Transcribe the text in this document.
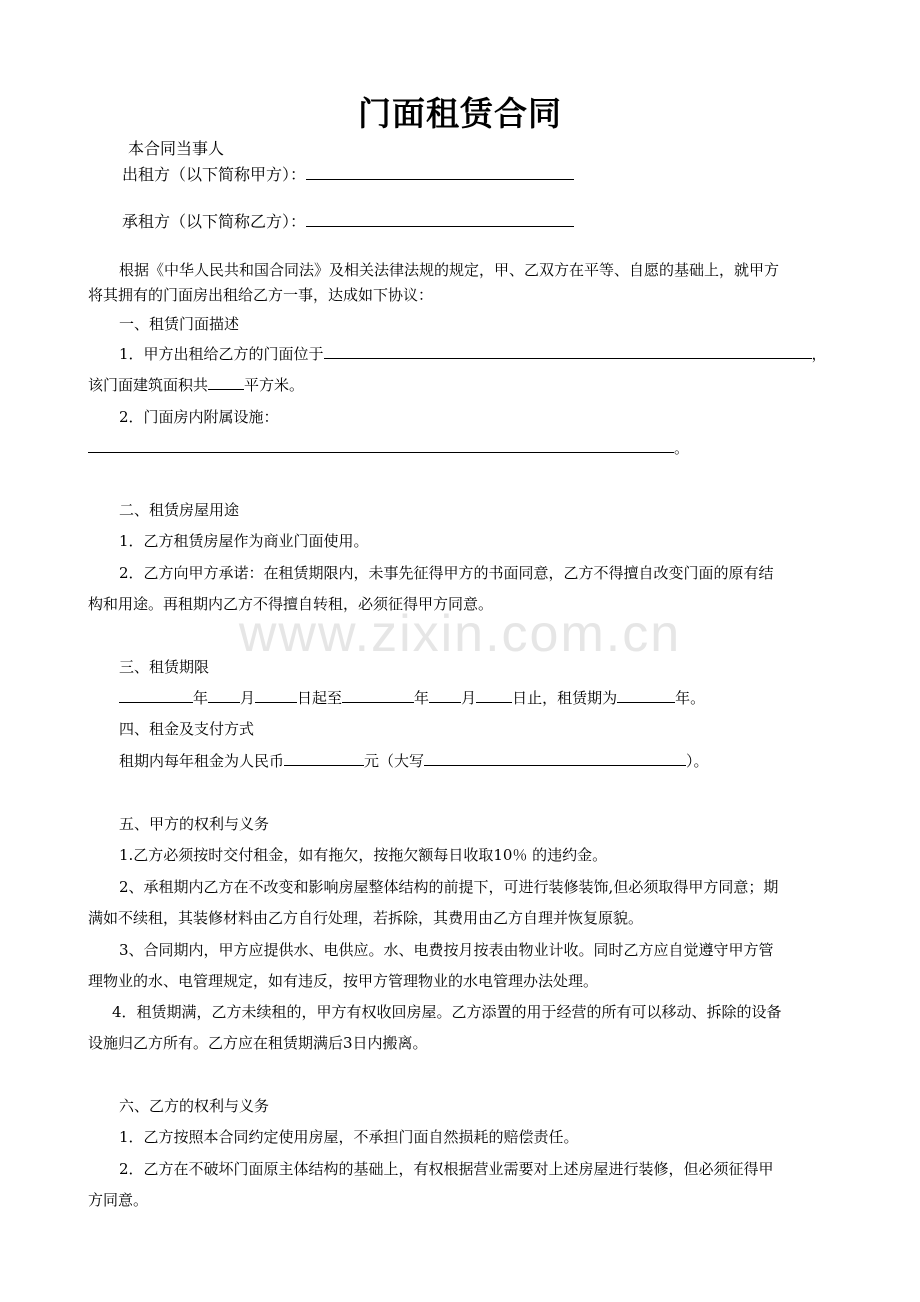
www.zixin.com.cn
门面租赁合同
本合同当事人
出租方（以下简称甲方）：
承租方（以下简称乙方）：
根据《中华人民共和国合同法》及相关法律法规的规定，甲、乙双方在平等、自愿的基础上，就甲方
将其拥有的门面房出租给乙方一事，达成如下协议：
一、租赁门面描述
1．甲方出租给乙方的门面位于	，
该门面建筑面积共 平方米。
2．门面房内附属设施：
。
二、租赁房屋用途
1．乙方租赁房屋作为商业门面使用。
2．乙方向甲方承诺：在租赁期限内，未事先征得甲方的书面同意，乙方不得擅自改变门面的原有结
构和用途。再租期内乙方不得擅自转租，必须征得甲方同意。
三、租赁期限
年 月	日起至	年 月 日止，租赁期为	年。
四、租金及支付方式
租期内每年租金为人民币	元（大写	）。
五、甲方的权利与义务
1.乙方必须按时交付租金，如有拖欠，按拖欠额每日收取10％ 的违约金。
2、承租期内乙方在不改变和影响房屋整体结构的前提下，可进行装修装饰,但必须取得甲方同意；期
满如不续租，其装修材料由乙方自行处理，若拆除，其费用由乙方自理并恢复原貌。
3、合同期内，甲方应提供水、电供应。水、电费按月按表由物业计收。同时乙方应自觉遵守甲方管
理物业的水、电管理规定，如有违反，按甲方管理物业的水电管理办法处理。
4．租赁期满，乙方未续租的，甲方有权收回房屋。乙方添置的用于经营的所有可以移动、拆除的设备
设施归乙方所有。乙方应在租赁期满后3日内搬离。
六、乙方的权利与义务
1．乙方按照本合同约定使用房屋，不承担门面自然损耗的赔偿责任。
2．乙方在不破坏门面原主体结构的基础上，有权根据营业需要对上述房屋进行装修，但必须征得甲
方同意。
